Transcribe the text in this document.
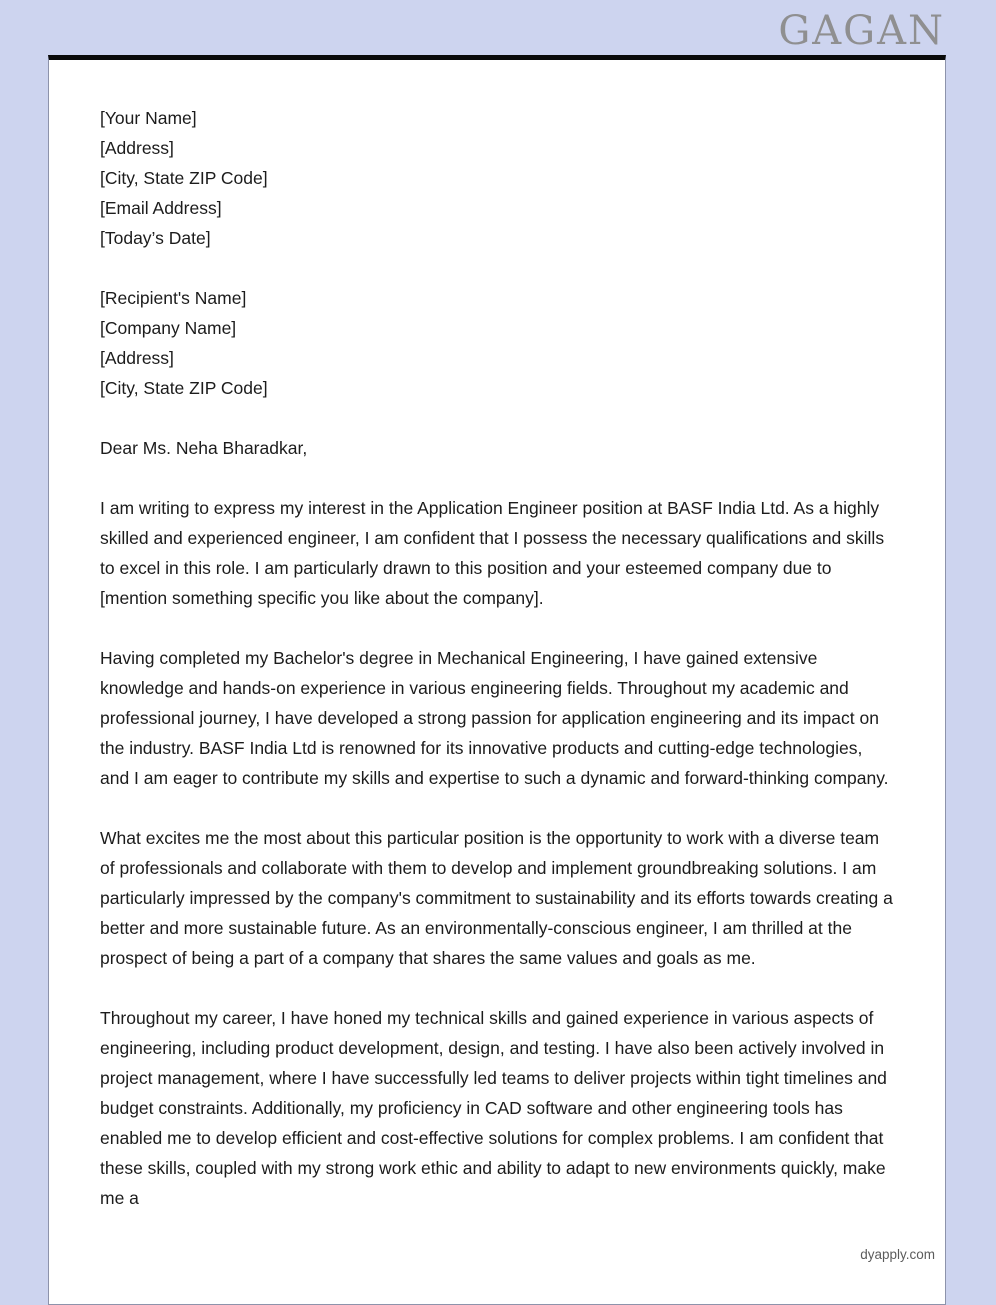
GAGAN

[Your Name]

[Address]

[City, State ZIP Code]

[Email Address]

[Today’s Date]

[Recipient's Name]

[Company Name]

[Address]

[City, State ZIP Code]

Dear Ms. Neha Bharadkar,

I am writing to express my interest in the Application Engineer position at BASF India Ltd. As a highly skilled and experienced engineer, I am confident that I possess the necessary qualifications and skills to excel in this role. I am particularly drawn to this position and your esteemed company due to [mention something specific you like about the company].

Having completed my Bachelor's degree in Mechanical Engineering, I have gained extensive knowledge and hands-on experience in various engineering fields. Throughout my academic and professional journey, I have developed a strong passion for application engineering and its impact on the industry. BASF India Ltd is renowned for its innovative products and cutting-edge technologies, and I am eager to contribute my skills and expertise to such a dynamic and forward-thinking company.

What excites me the most about this particular position is the opportunity to work with a diverse team of professionals and collaborate with them to develop and implement groundbreaking solutions. I am particularly impressed by the company's commitment to sustainability and its efforts towards creating a better and more sustainable future. As an environmentally-conscious engineer, I am thrilled at the prospect of being a part of a company that shares the same values and goals as me.

Throughout my career, I have honed my technical skills and gained experience in various aspects of engineering, including product development, design, and testing. I have also been actively involved in project management, where I have successfully led teams to deliver projects within tight timelines and budget constraints. Additionally, my proficiency in CAD software and other engineering tools has enabled me to develop efficient and cost-effective solutions for complex problems. I am confident that these skills, coupled with my strong work ethic and ability to adapt to new environments quickly, make me a

dyapply.com
